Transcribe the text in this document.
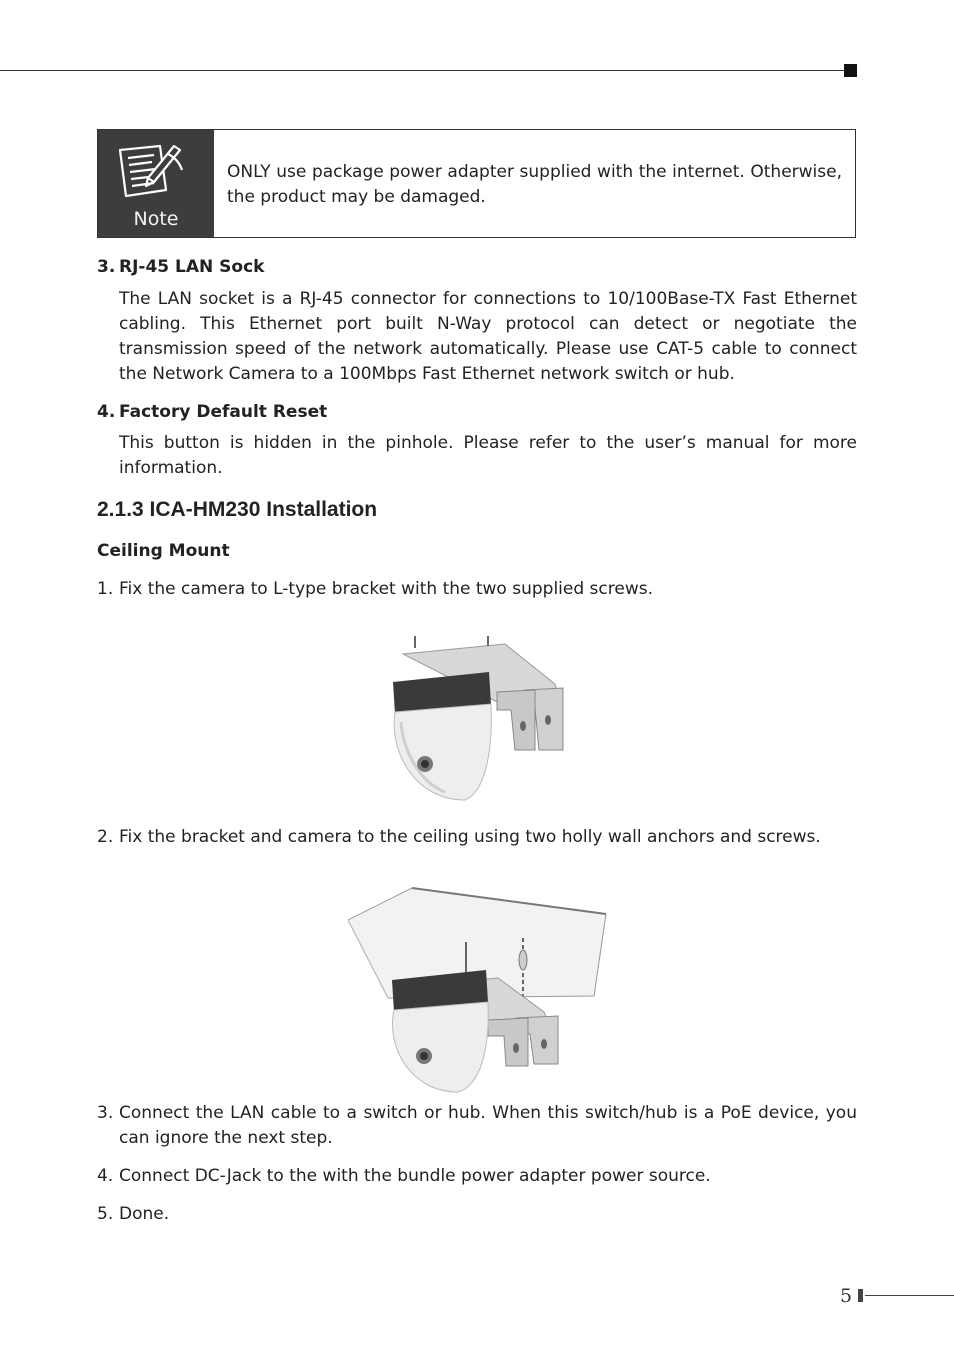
Note
ONLY use package power adapter supplied with the internet. Otherwise, the product may be damaged.
3. RJ-45 LAN Sock
The LAN socket is a RJ-45 connector for connections to 10/100Base-TX Fast Ethernet cabling. This Ethernet port built N-Way protocol can detect or negotiate the transmission speed of the network automatically. Please use CAT-5 cable to connect the Network Camera to a 100Mbps Fast Ethernet network switch or hub.
4. Factory Default Reset
This button is hidden in the pinhole. Please refer to the user’s manual for more information.
2.1.3 ICA-HM230 Installation
Ceiling Mount
1. Fix the camera to L-type bracket with the two supplied screws.
2. Fix the bracket and camera to the ceiling using two holly wall anchors and screws.
3. Connect the LAN cable to a switch or hub. When this switch/hub is a PoE device, you can ignore the next step.
4. Connect DC-Jack to the with the bundle power adapter power source.
5. Done.
5
